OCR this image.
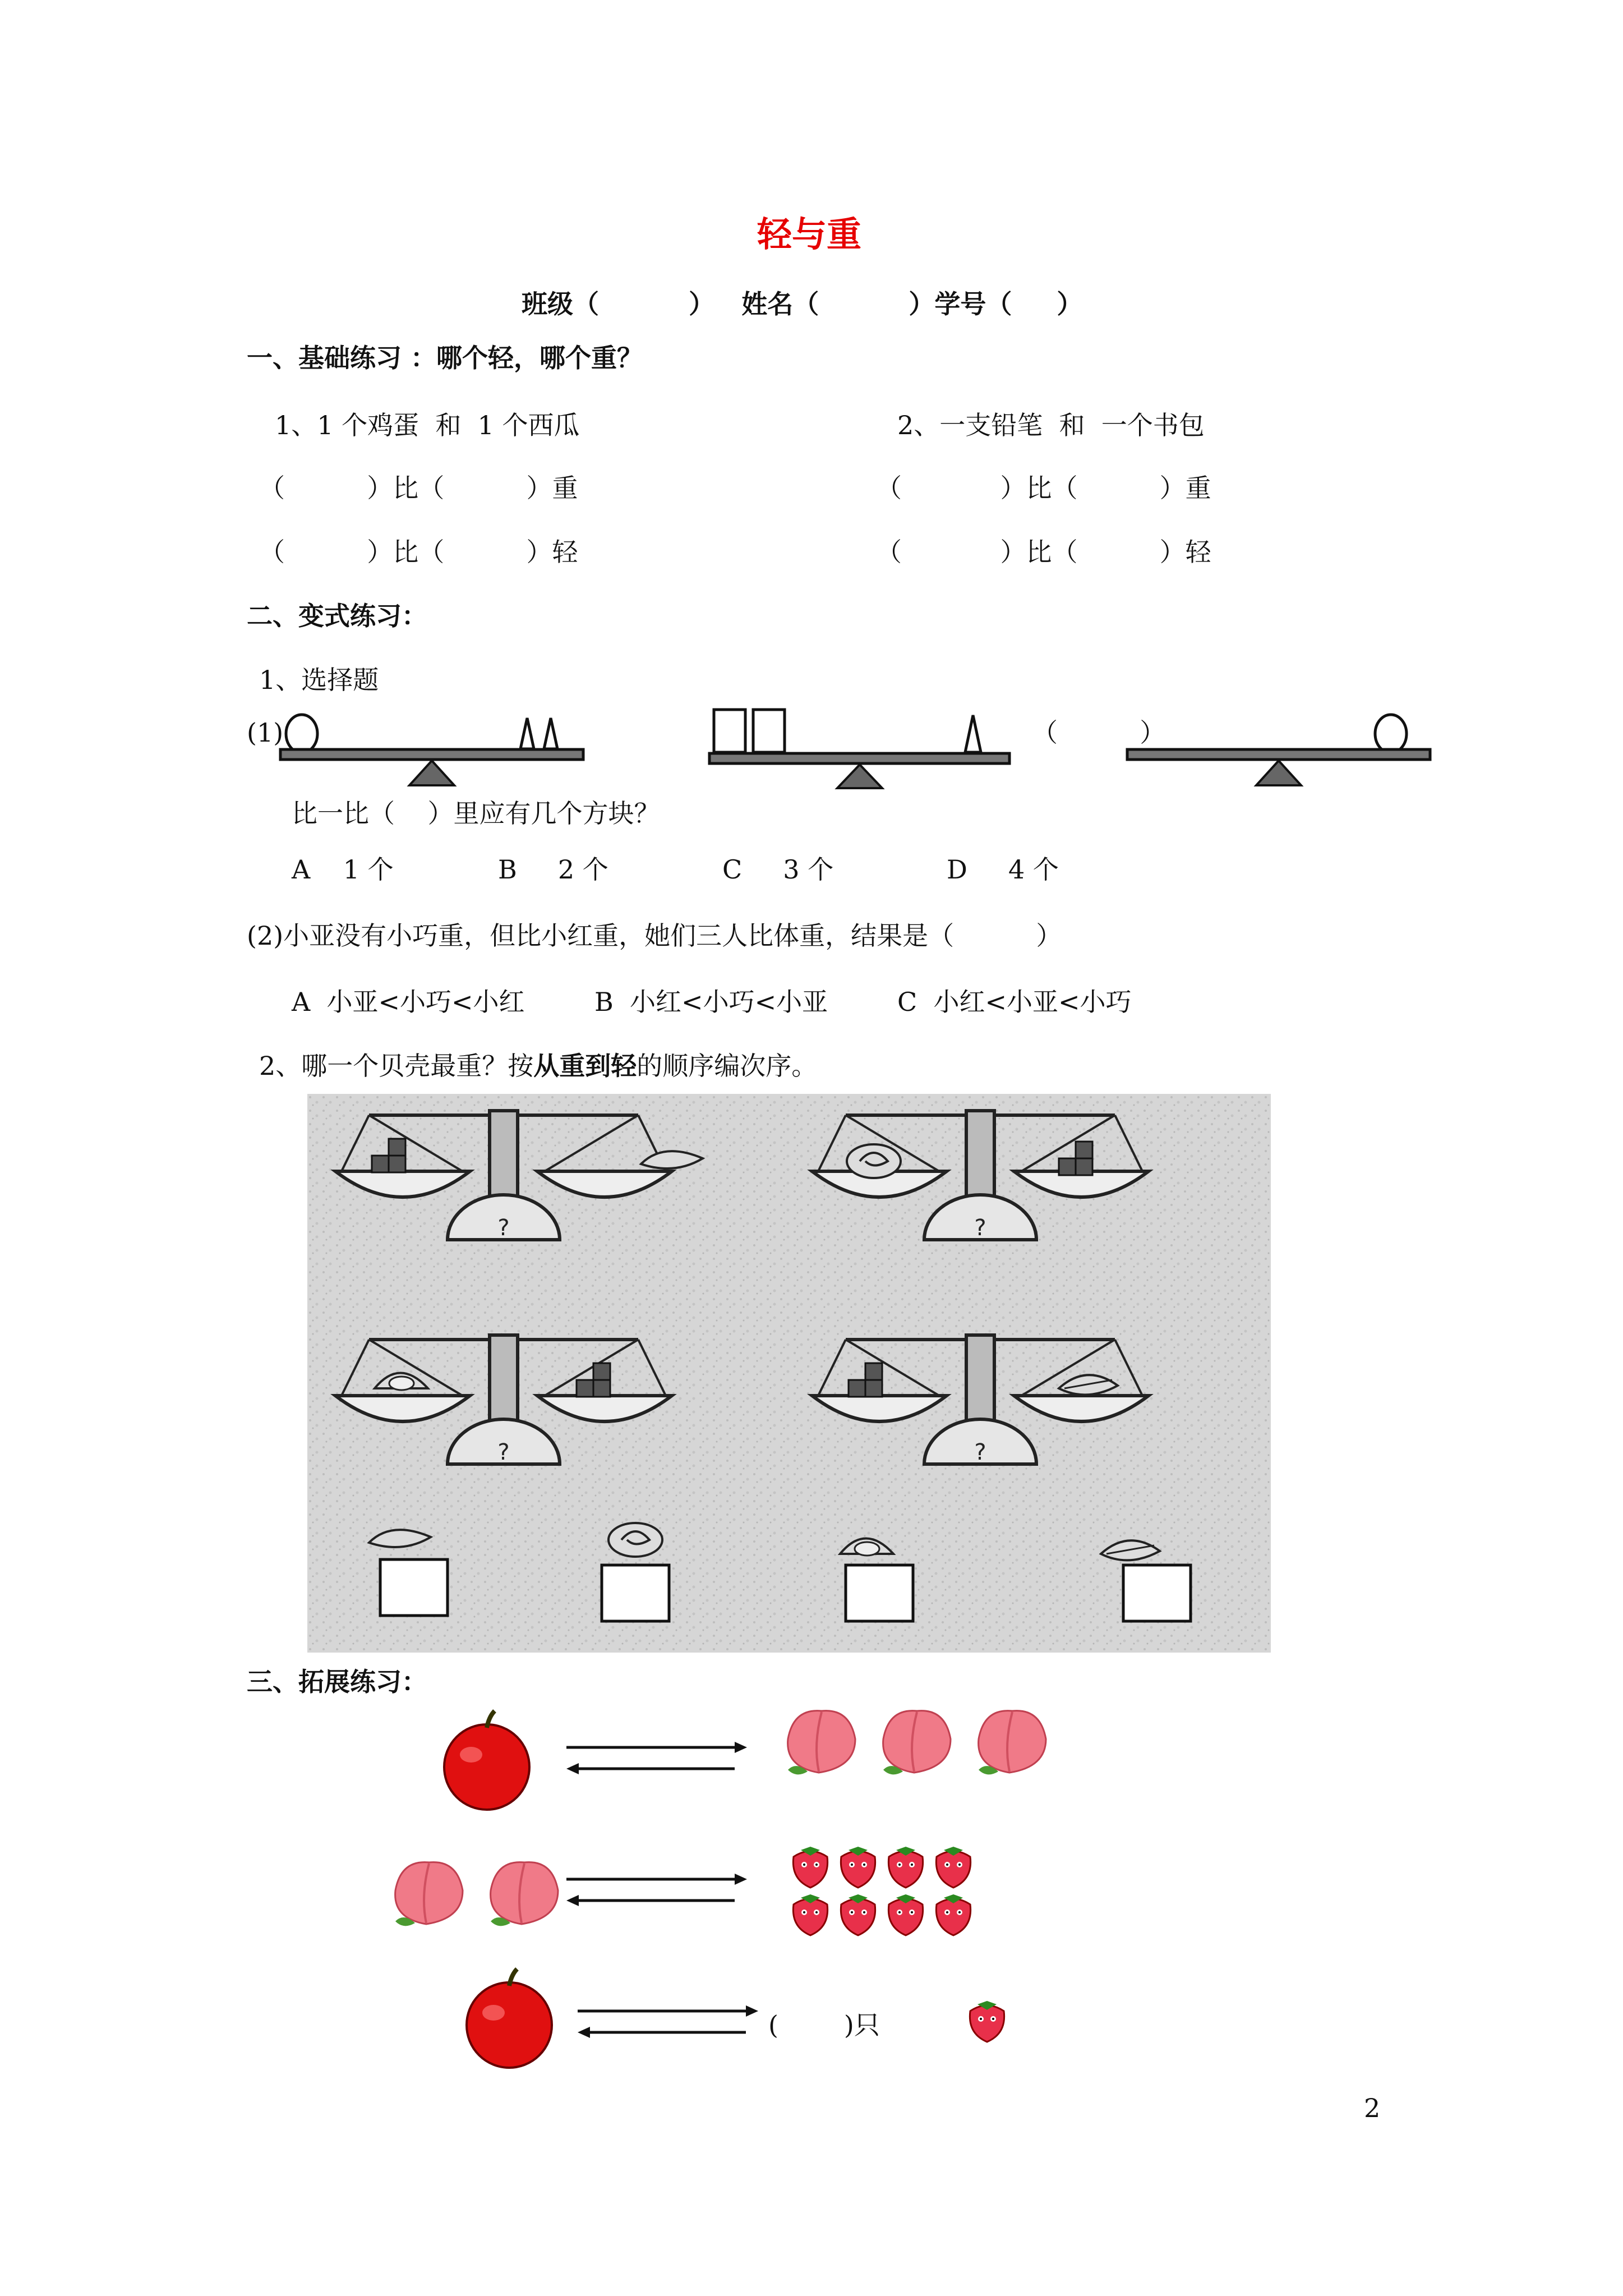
轻与重
班级（          ）   姓名（          ）学号（     ）
一、基础练习 ：哪个轻，哪个重？
1、1 个鸡蛋  和  1 个西瓜	2、一支铅笔  和  一个书包
（          ）比（          ）重	（            ）比（          ）重
（          ）比（          ）轻	（            ）比（          ）轻
二、变式练习：
1、选择题
(1)	（          ）
比一比（    ）里应有几个方块？
A    1 个	B     2 个	C     3 个	D     4 个
(2)小亚没有小巧重，但比小红重，她们三人比体重，结果是（          ）
A  小亚<小巧<小红	B  小红<小巧<小亚	C  小红<小亚<小巧
2、哪一个贝壳最重？按从重到轻的顺序编次序。
三、拓展练习：
(        )只
2
